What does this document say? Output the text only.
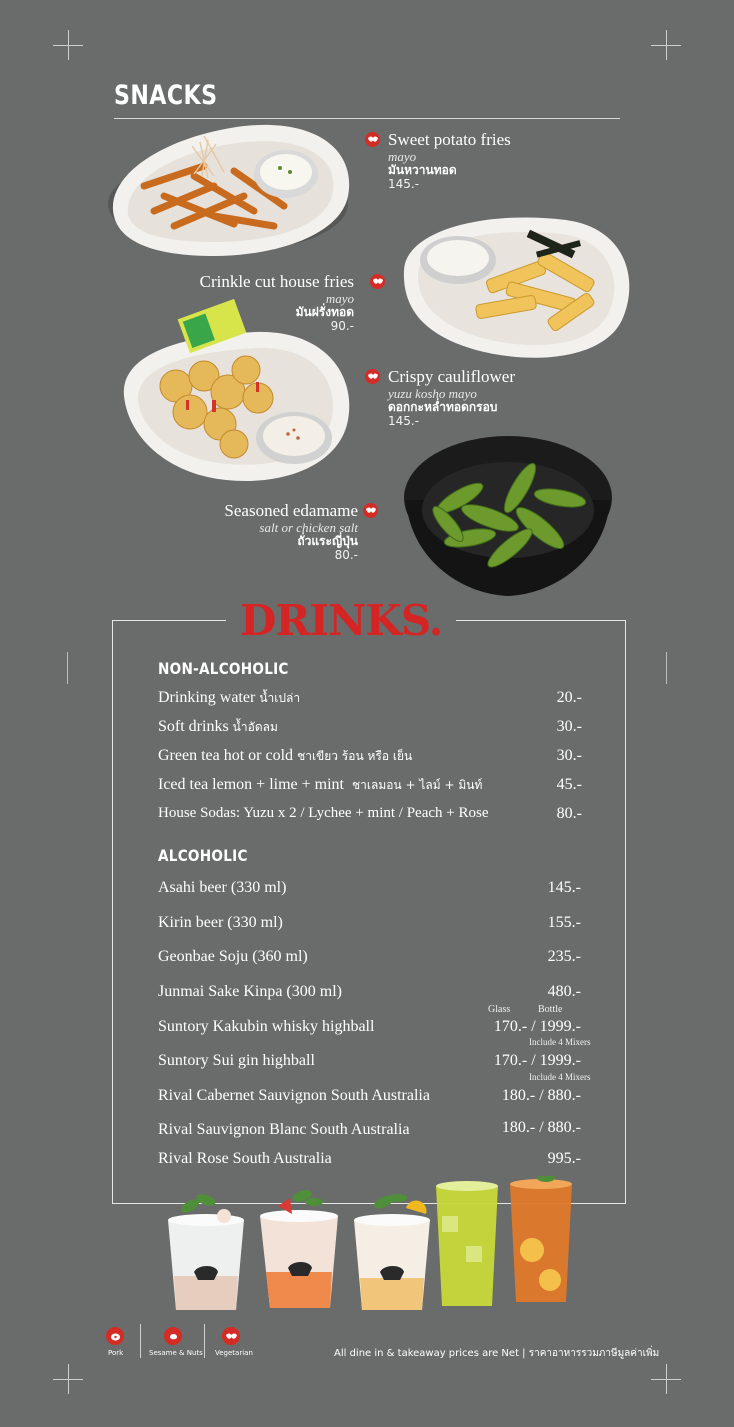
SNACKS
Sweet potato fries
mayo
มันหวานทอด
145.-
Crinkle cut house fries
mayo
มันฝรั่งทอด
90.-
Crispy cauliflower
yuzu kosho mayo
ดอกกะหล่ำทอดกรอบ
145.-
Seasoned edamame
salt or chicken salt
ถั่วแระญี่ปุ่น
80.-
DRINKS.
NON-ALCOHOLIC
Drinking water น้ำเปล่า	20.-
Soft drinks น้ำอัดลม	30.-
Green tea hot or cold ชาเขียว ร้อน หรือ เย็น	30.-
Iced tea lemon + lime + mint ชาเลมอน + ไลม์ + มินท์	45.-
House Sodas: Yuzu x 2 / Lychee + mint / Peach + Rose	80.-
ALCOHOLIC
Asahi beer (330 ml)	145.-
Kirin beer (330 ml)	155.-
Geonbae Soju (360 ml)	235.-
Junmai Sake Kinpa (300 ml)	480.-
Glass	Bottle
Suntory Kakubin whisky highball	170.- / 1999.-
Include 4 Mixers
Suntory Sui gin highball	170.- / 1999.-
Include 4 Mixers
Rival Cabernet Sauvignon South Australia	180.- / 880.-
Rival Sauvignon Blanc South Australia	180.- / 880.-
Rival Rose South Australia	995.-
Pork	Sesame & Nuts Vegetarian	All dine in & takeaway prices are Net | ราคาอาหารรวมภาษีมูลค่าเพิ่ม
